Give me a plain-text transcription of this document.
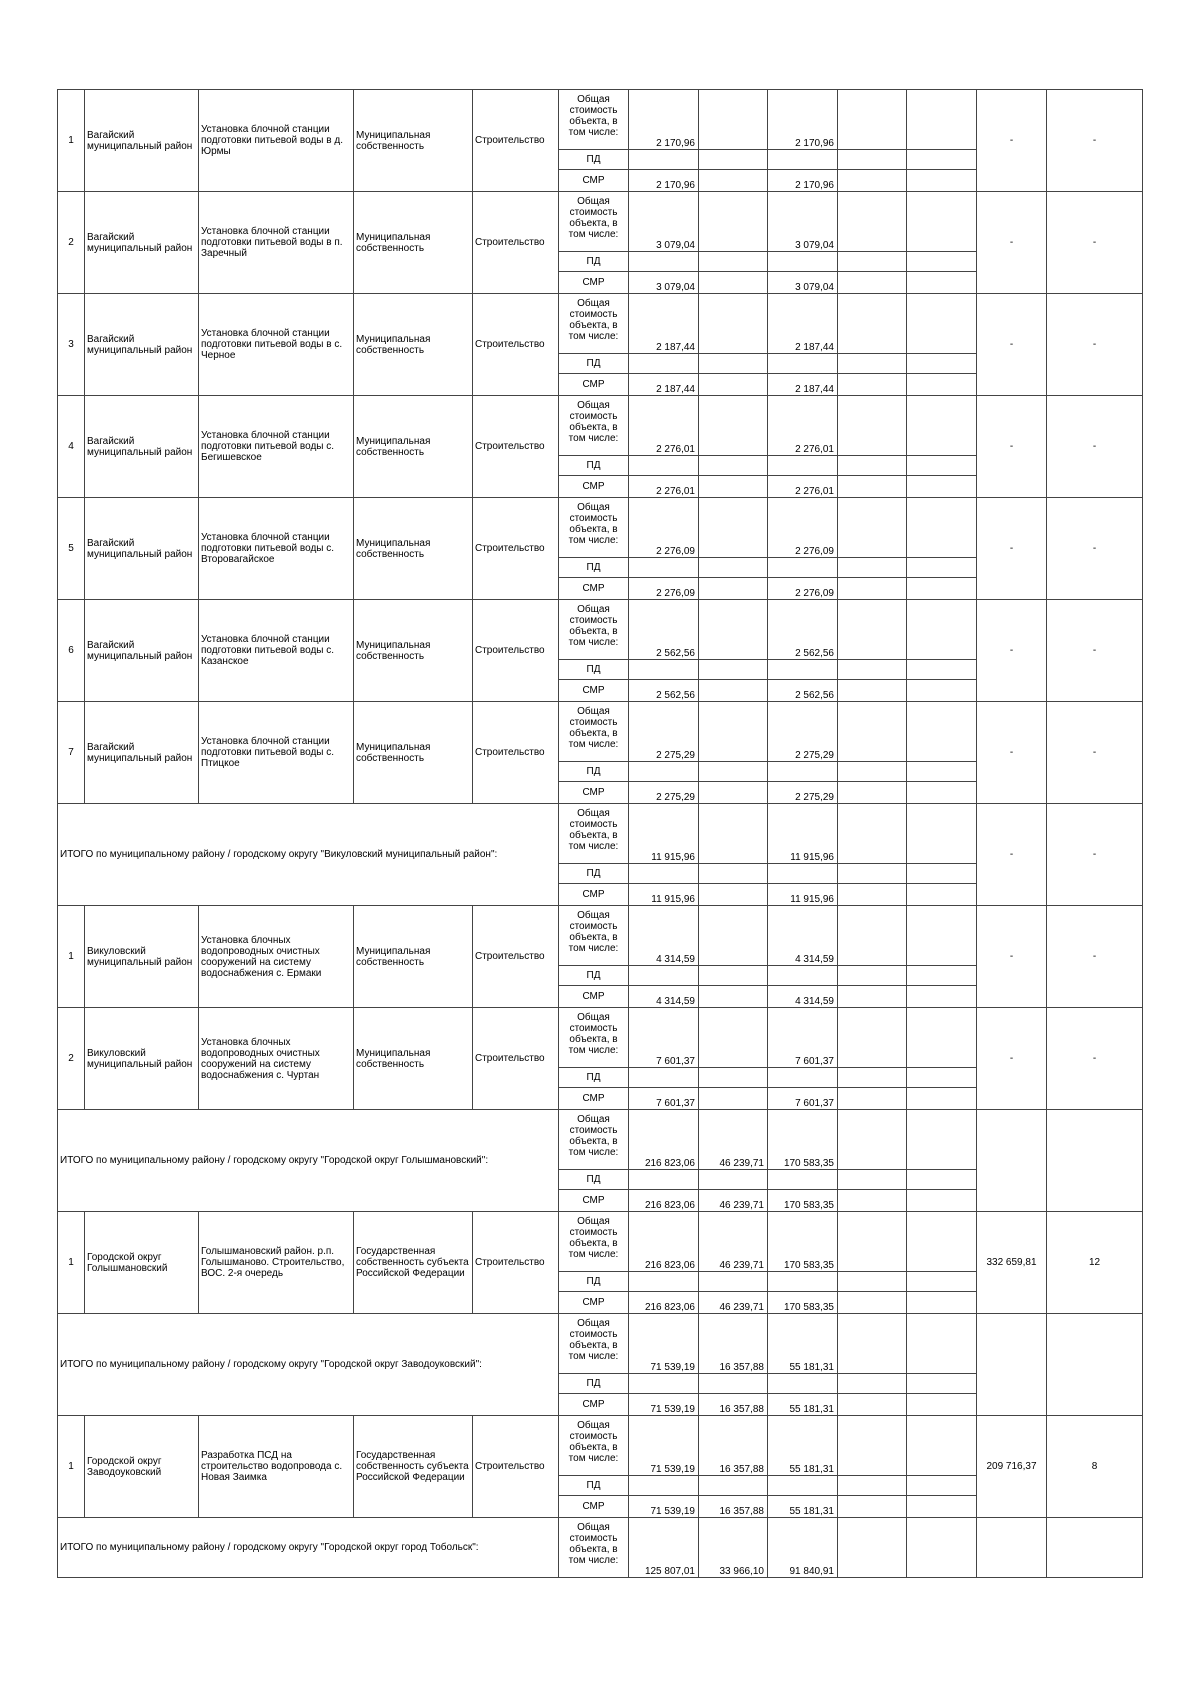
1	Вагайский муниципальный район	Установка блочной станции подготовки питьевой воды в д. Юрмы	Муниципальная собственность	Строительство	Общая стоимость объекта, в том числе:	2 170,96		2 170,96			-	-
					ПД							
					СМР	2 170,96		2 170,96				
2	Вагайский муниципальный район	Установка блочной станции подготовки питьевой воды в п. Заречный	Муниципальная собственность	Строительство	Общая стоимость объекта, в том числе:	3 079,04		3 079,04			-	-
					ПД							
					СМР	3 079,04		3 079,04				
3	Вагайский муниципальный район	Установка блочной станции подготовки питьевой воды в с. Черное	Муниципальная собственность	Строительство	Общая стоимость объекта, в том числе:	2 187,44		2 187,44			-	-
					ПД							
					СМР	2 187,44		2 187,44				
4	Вагайский муниципальный район	Установка блочной станции подготовки питьевой воды с. Бегишевское	Муниципальная собственность	Строительство	Общая стоимость объекта, в том числе:	2 276,01		2 276,01			-	-
					ПД							
					СМР	2 276,01		2 276,01				
5	Вагайский муниципальный район	Установка блочной станции подготовки питьевой воды с. Второвагайское	Муниципальная собственность	Строительство	Общая стоимость объекта, в том числе:	2 276,09		2 276,09			-	-
					ПД							
					СМР	2 276,09		2 276,09				
6	Вагайский муниципальный район	Установка блочной станции подготовки питьевой воды с. Казанское	Муниципальная собственность	Строительство	Общая стоимость объекта, в том числе:	2 562,56		2 562,56			-	-
					ПД							
					СМР	2 562,56		2 562,56				
7	Вагайский муниципальный район	Установка блочной станции подготовки питьевой воды с. Птицкое	Муниципальная собственность	Строительство	Общая стоимость объекта, в том числе:	2 275,29		2 275,29			-	-
					ПД							
					СМР	2 275,29		2 275,29				
ИТОГО по муниципальному району / городскому округу "Викуловский муниципальный район":					Общая стоимость объекта, в том числе:	11 915,96		11 915,96			-	-
					ПД							
					СМР	11 915,96		11 915,96				
1	Викуловский муниципальный район	Установка блочных водопроводных очистных сооружений на систему водоснабжения с. Ермаки	Муниципальная собственность	Строительство	Общая стоимость объекта, в том числе:	4 314,59		4 314,59			-	-
					ПД							
					СМР	4 314,59		4 314,59				
2	Викуловский муниципальный район	Установка блочных водопроводных очистных сооружений на систему водоснабжения с. Чуртан	Муниципальная собственность	Строительство	Общая стоимость объекта, в том числе:	7 601,37		7 601,37			-	-
					ПД							
					СМР	7 601,37		7 601,37				
ИТОГО по муниципальному району / городскому округу "Городской округ Голышмановский":					Общая стоимость объекта, в том числе:	216 823,06	46 239,71	170 583,35				
					ПД							
					СМР	216 823,06	46 239,71	170 583,35				
1	Городской округ Голышмановский	Голышмановский район. р.п. Голышманово. Строительство, ВОС. 2-я очередь	Государственная собственность субъекта Российской Федерации	Строительство	Общая стоимость объекта, в том числе:	216 823,06	46 239,71	170 583,35			332 659,81	12
					ПД							
					СМР	216 823,06	46 239,71	170 583,35				
ИТОГО по муниципальному району / городскому округу "Городской округ Заводоуковский":					Общая стоимость объекта, в том числе:	71 539,19	16 357,88	55 181,31				
					ПД							
					СМР	71 539,19	16 357,88	55 181,31				
1	Городской округ Заводоуковский	Разработка ПСД на строительство водопровода с. Новая Заимка	Государственная собственность субъекта Российской Федерации	Строительство	Общая стоимость объекта, в том числе:	71 539,19	16 357,88	55 181,31			209 716,37	8
					ПД							
					СМР	71 539,19	16 357,88	55 181,31				
ИТОГО по муниципальному району / городскому округу "Городской округ город Тобольск":					Общая стоимость объекта, в том числе:	125 807,01	33 966,10	91 840,91				
